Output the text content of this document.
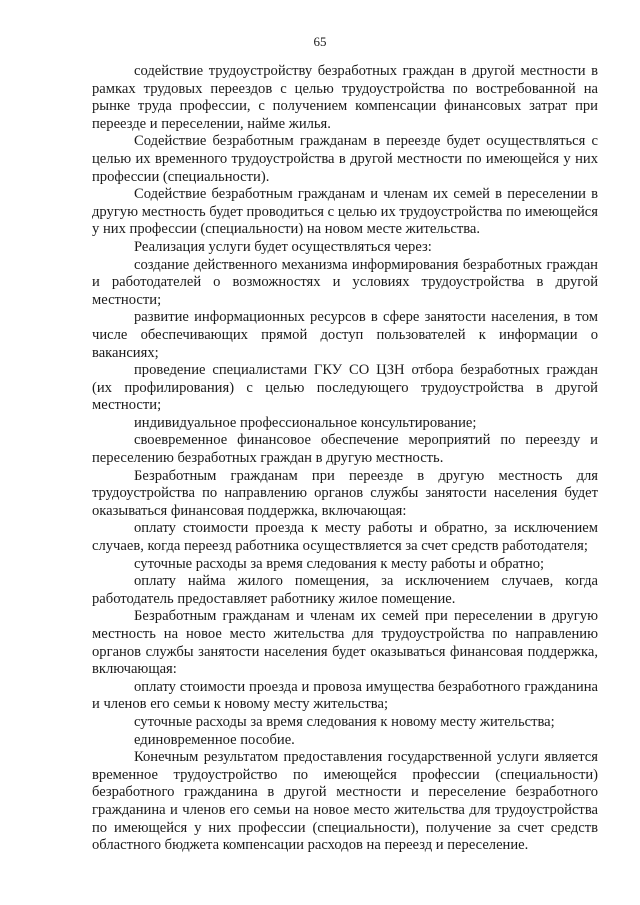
65

содействие трудоустройству безработных граждан в другой местности в рамках трудовых переездов с целью трудоустройства по востребованной на рынке труда профессии, с получением компенсации финансовых затрат при переезде и переселении, найме жилья.

Содействие безработным гражданам в переезде будет осуществляться с целью их временного трудоустройства в другой местности по имеющейся у них профессии (специальности).

Содействие безработным гражданам и членам их семей в переселении в другую местность будет проводиться с целью их трудоустройства по имеющейся у них профессии (специальности) на новом месте жительства.

Реализация услуги будет осуществляться через:

создание действенного механизма информирования безработных граждан и работодателей о возможностях и условиях трудоустройства в другой местности;

развитие информационных ресурсов в сфере занятости населения, в том числе обеспечивающих прямой доступ пользователей к информации о вакансиях;

проведение специалистами ГКУ СО ЦЗН отбора безработных граждан (их профилирования) с целью последующего трудоустройства в другой местности;

индивидуальное профессиональное консультирование;

своевременное финансовое обеспечение мероприятий по переезду и переселению безработных граждан в другую местность.

Безработным гражданам при переезде в другую местность для трудоустройства по направлению органов службы занятости населения будет оказываться финансовая поддержка, включающая:

оплату стоимости проезда к месту работы и обратно, за исключением случаев, когда переезд работника осуществляется за счет средств работодателя;

суточные расходы за время следования к месту работы и обратно;

оплату найма жилого помещения, за исключением случаев, когда работодатель предоставляет работнику жилое помещение.

Безработным гражданам и членам их семей при переселении в другую местность на новое место жительства для трудоустройства по направлению органов службы занятости населения будет оказываться финансовая поддержка, включающая:

оплату стоимости проезда и провоза имущества безработного гражданина и членов его семьи к новому месту жительства;

суточные расходы за время следования к новому месту жительства;

единовременное пособие.

Конечным результатом предоставления государственной услуги является временное трудоустройство по имеющейся профессии (специальности) безработного гражданина в другой местности и переселение безработного гражданина и членов его семьи на новое место жительства для трудоустройства по имеющейся у них профессии (специальности), получение за счет средств областного бюджета компенсации расходов на переезд и переселение.
